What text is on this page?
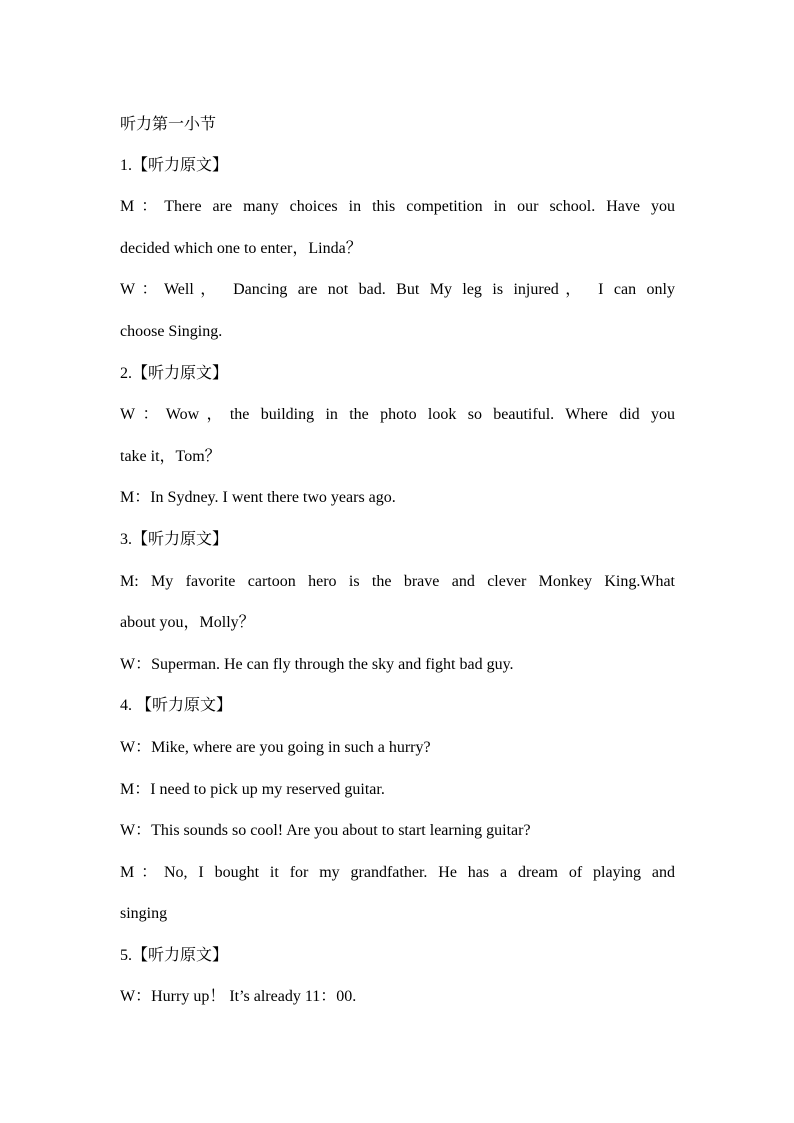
听力第一小节
1.【听力原文】
M：There are many choices in this competition in our school. Have you
decided which one to enter，Linda？
W：Well， Dancing are not bad. But My leg is injured， I can only
choose Singing.
2.【听力原文】
W：Wow，the building in the photo look so beautiful. Where did you
take it，Tom？
M：In Sydney. I went there two years ago.
3.【听力原文】
M: My favorite cartoon hero is the brave and clever Monkey King.What
about you，Molly？
W：Superman. He can fly through the sky and fight bad guy.
4. 【听力原文】
W：Mike, where are you going in such a hurry?
M：I need to pick up my reserved guitar.
W：This sounds so cool! Are you about to start learning guitar?
M：No, I bought it for my grandfather. He has a dream of playing and
singing
5.【听力原文】
W：Hurry up！ It’s already 11：00.
